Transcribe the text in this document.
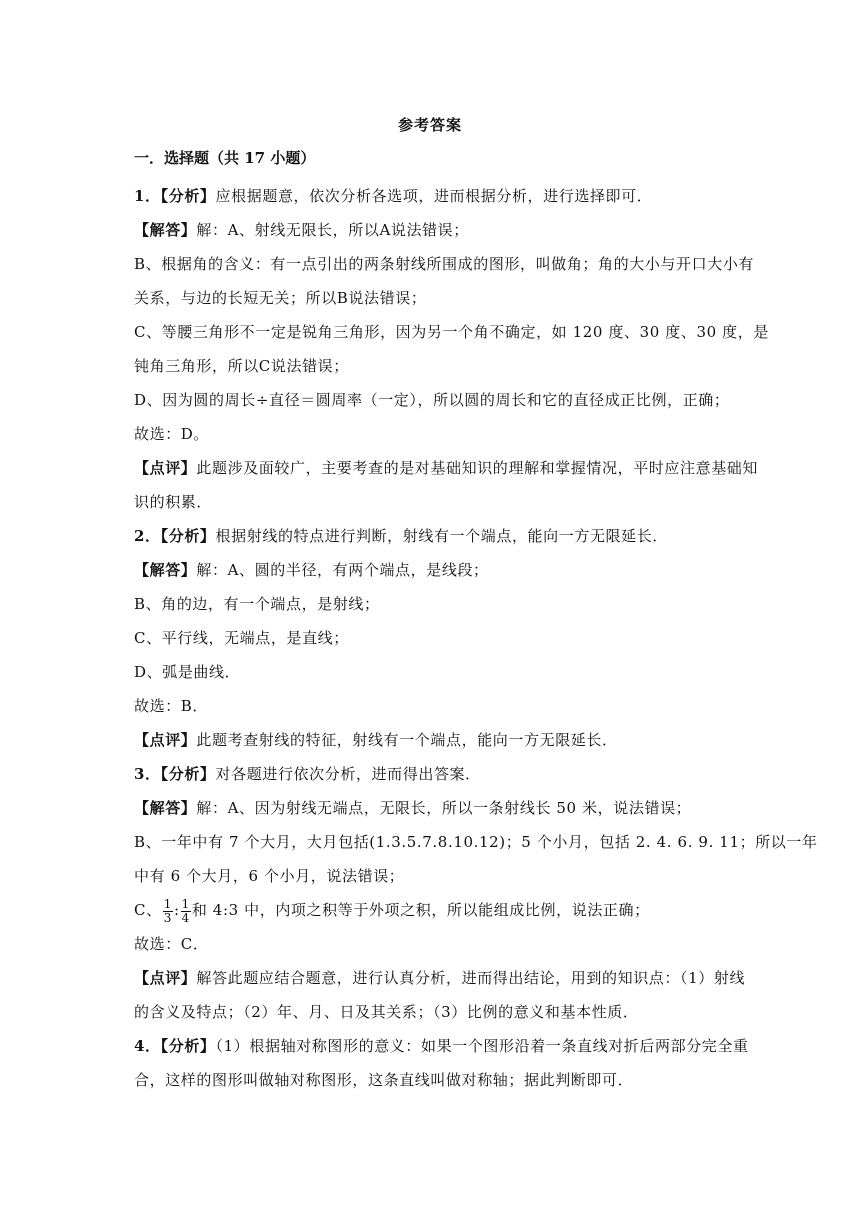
参考答案
一．选择题（共 17 小题）
1．【分析】应根据题意，依次分析各选项，进而根据分析，进行选择即可．
【解答】解：A、射线无限长，所以A说法错误；
B、根据角的含义：有一点引出的两条射线所围成的图形，叫做角；角的大小与开口大小有
关系，与边的长短无关；所以B说法错误；
C、等腰三角形不一定是锐角三角形，因为另一个角不确定，如 120 度、30 度、30 度，是
钝角三角形，所以C说法错误；
D、因为圆的周长÷直径＝圆周率（一定），所以圆的周长和它的直径成正比例，正确；
故选：D。
【点评】此题涉及面较广，主要考查的是对基础知识的理解和掌握情况，平时应注意基础知
识的积累．
2．【分析】根据射线的特点进行判断，射线有一个端点，能向一方无限延长．
【解答】解：A、圆的半径，有两个端点，是线段；
B、角的边，有一个端点，是射线；
C、平行线，无端点，是直线；
D、弧是曲线．
故选：B．
【点评】此题考查射线的特征，射线有一个端点，能向一方无限延长．
3．【分析】对各题进行依次分析，进而得出答案．
【解答】解：A、因为射线无端点，无限长，所以一条射线长 50 米，说法错误；
B、一年中有 7 个大月，大月包括(1.3.5.7.8.10.12)；5 个小月，包括 2. 4. 6. 9. 11；所以一年
中有 6 个大月，6 个小月，说法错误；
C、 $\frac{1}{3}$ : $\frac{1}{4}$ 和 4:3 中，内项之积等于外项之积，所以能组成比例，说法正确；
故选：C．
【点评】解答此题应结合题意，进行认真分析，进而得出结论，用到的知识点：（1）射线
的含义及特点；（2）年、月、日及其关系；（3）比例的意义和基本性质．
4．【分析】（1）根据轴对称图形的意义：如果一个图形沿着一条直线对折后两部分完全重
合，这样的图形叫做轴对称图形，这条直线叫做对称轴；据此判断即可．
